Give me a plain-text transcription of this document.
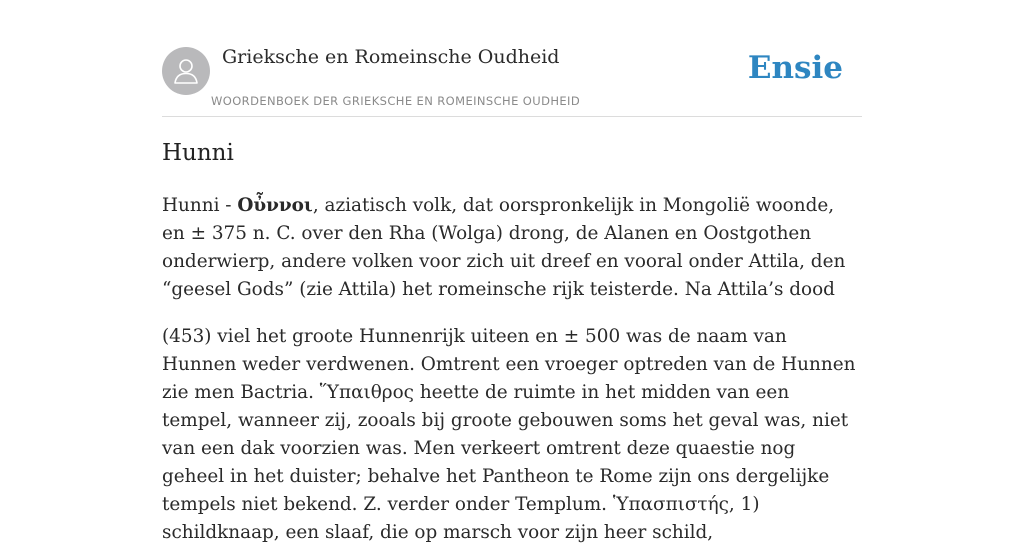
Grieksche en Romeinsche Oudheid
WOORDENBOEK DER GRIEKSCHE EN ROMEINSCHE OUDHEID
Ensie
Hunni

Hunni - Οὖννοι, aziatisch volk, dat oorspronkelijk in Mongolië woonde, en ± 375 n. C. over den Rha (Wolga) drong, de Alanen en Oostgothen onderwierp, andere volken voor zich uit dreef en vooral onder Attila, den “geesel Gods” (zie Attila) het romeinsche rijk teisterde. Na Attila’s dood

(453) viel het groote Hunnenrijk uiteen en ± 500 was de naam van Hunnen weder verdwenen. Omtrent een vroeger optreden van de Hunnen zie men Bactria. Ὕπαιθρος heette de ruimte in het midden van een tempel, wanneer zij, zooals bij groote gebouwen soms het geval was, niet van een dak voorzien was. Men verkeert omtrent deze quaestie nog geheel in het duister; behalve het Pantheon te Rome zijn ons dergelijke tempels niet bekend. Z. verder onder Templum. Ὑπασπιστής, 1) schildknaap, een slaaf, die op marsch voor zijn heer schild,
